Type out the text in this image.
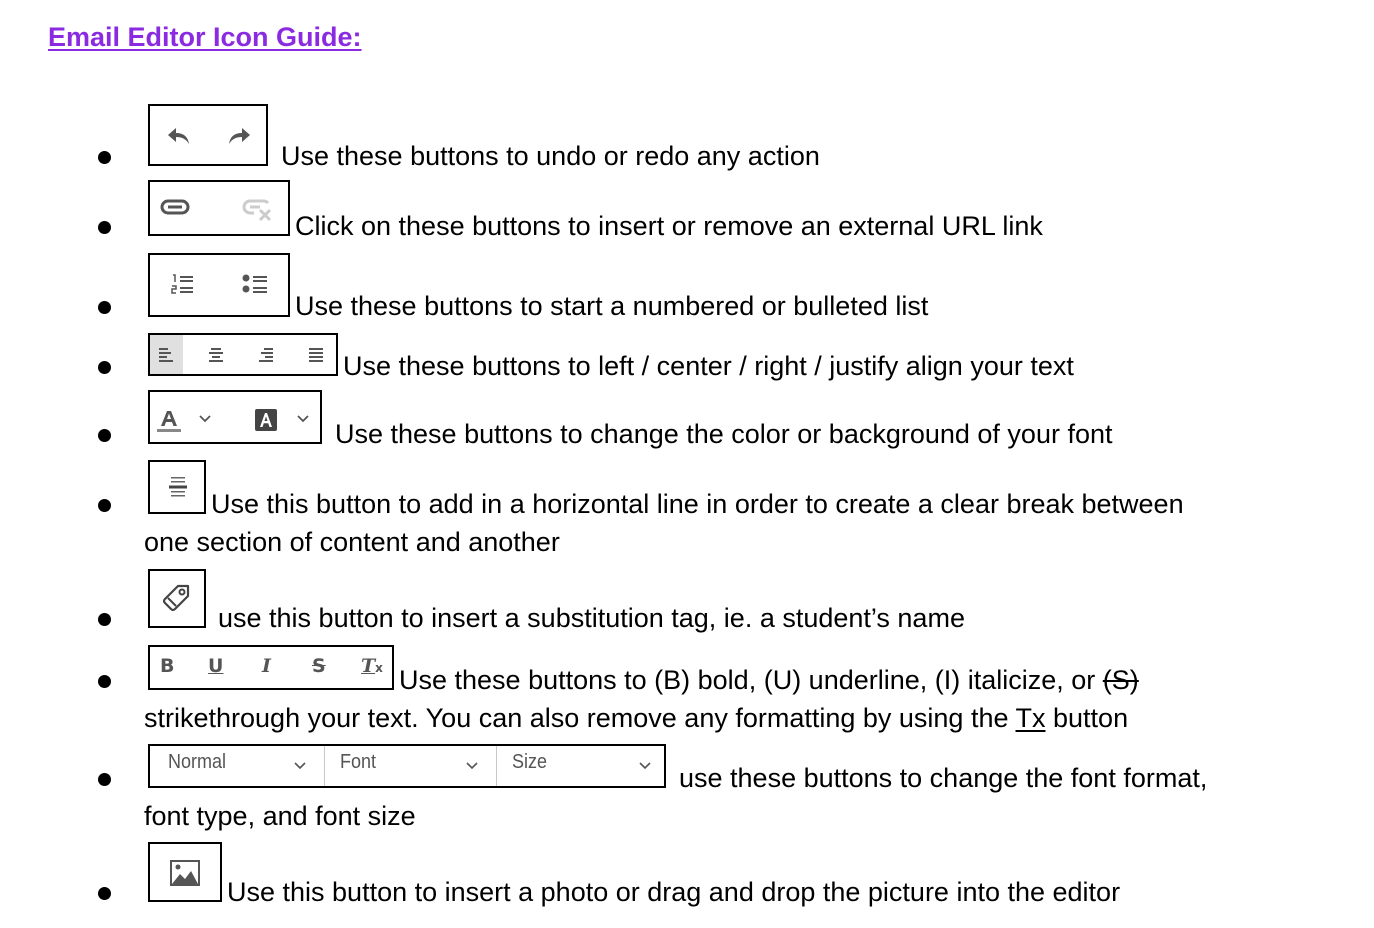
Email Editor Icon Guide:
Use these buttons to undo or redo any action
Click on these buttons to insert or remove an external URL link
Use these buttons to start a numbered or bulleted list
Use these buttons to left / center / right / justify align your text
Use these buttons to change the color or background of your font
Use this button to add in a horizontal line in order to create a clear break between
one section of content and another
use this button to insert a substitution tag, ie. a student’s name
B U I S Tx Use these buttons to (B) bold, (U) underline, (I) italicize, or (S)
strikethrough your text. You can also remove any formatting by using the Tx button
Normal	Font	Size
use these buttons to change the font format,
font type, and font size
Use this button to insert a photo or drag and drop the picture into the editor
